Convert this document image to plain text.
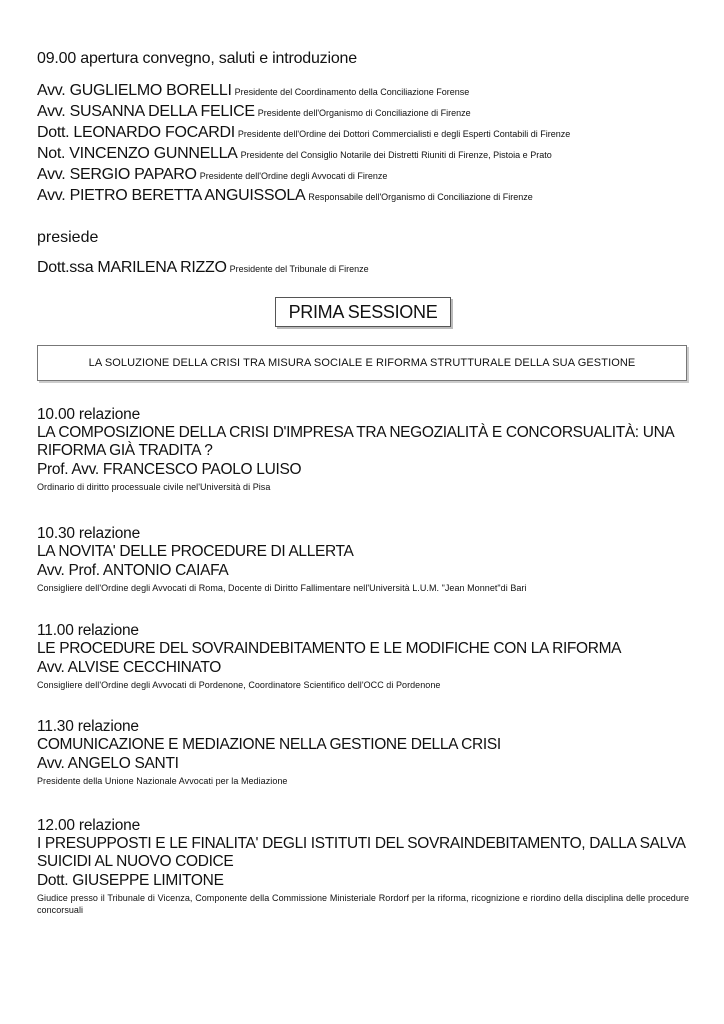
09.00 apertura convegno, saluti e introduzione
Avv. GUGLIELMO BORELLI Presidente del Coordinamento della Conciliazione Forense
Avv. SUSANNA DELLA FELICE Presidente dell'Organismo di Conciliazione di Firenze
Dott. LEONARDO FOCARDI Presidente dell'Ordine dei Dottori Commercialisti e degli Esperti Contabili di Firenze
Not. VINCENZO GUNNELLA Presidente del Consiglio Notarile dei Distretti Riuniti di Firenze, Pistoia e Prato
Avv. SERGIO PAPARO Presidente dell'Ordine degli Avvocati di Firenze
Avv. PIETRO BERETTA ANGUISSOLA Responsabile dell'Organismo di Conciliazione di Firenze
presiede
Dott.ssa MARILENA RIZZO Presidente del Tribunale di Firenze
PRIMA SESSIONE
LA SOLUZIONE DELLA CRISI TRA MISURA SOCIALE E RIFORMA STRUTTURALE DELLA SUA GESTIONE
10.00 relazione
LA COMPOSIZIONE DELLA CRISI D'IMPRESA TRA NEGOZIALITÀ E CONCORSUALITÀ: UNA RIFORMA GIÀ TRADITA ?
Prof. Avv. FRANCESCO PAOLO LUISO
Ordinario di diritto processuale civile nel'Università di Pisa
10.30 relazione
LA NOVITA' DELLE PROCEDURE DI ALLERTA
Avv. Prof. ANTONIO CAIAFA
Consigliere dell'Ordine degli Avvocati di Roma, Docente di Diritto Fallimentare nell'Università L.U.M. "Jean Monnet"di Bari
11.00 relazione
LE PROCEDURE DEL SOVRAINDEBITAMENTO E LE MODIFICHE CON LA RIFORMA
Avv. ALVISE CECCHINATO
Consigliere dell'Ordine degli Avvocati di Pordenone, Coordinatore Scientifico dell'OCC di Pordenone
11.30 relazione
COMUNICAZIONE E MEDIAZIONE NELLA GESTIONE DELLA CRISI
Avv. ANGELO SANTI
Presidente della Unione Nazionale Avvocati per la Mediazione
12.00 relazione
I PRESUPPOSTI E LE FINALITA' DEGLI ISTITUTI DEL SOVRAINDEBITAMENTO, DALLA SALVA SUICIDI AL NUOVO CODICE
Dott. GIUSEPPE LIMITONE
Giudice presso il Tribunale di Vicenza, Componente della Commissione Ministeriale Rordorf per la riforma, ricognizione e riordino della disciplina delle procedure concorsuali
